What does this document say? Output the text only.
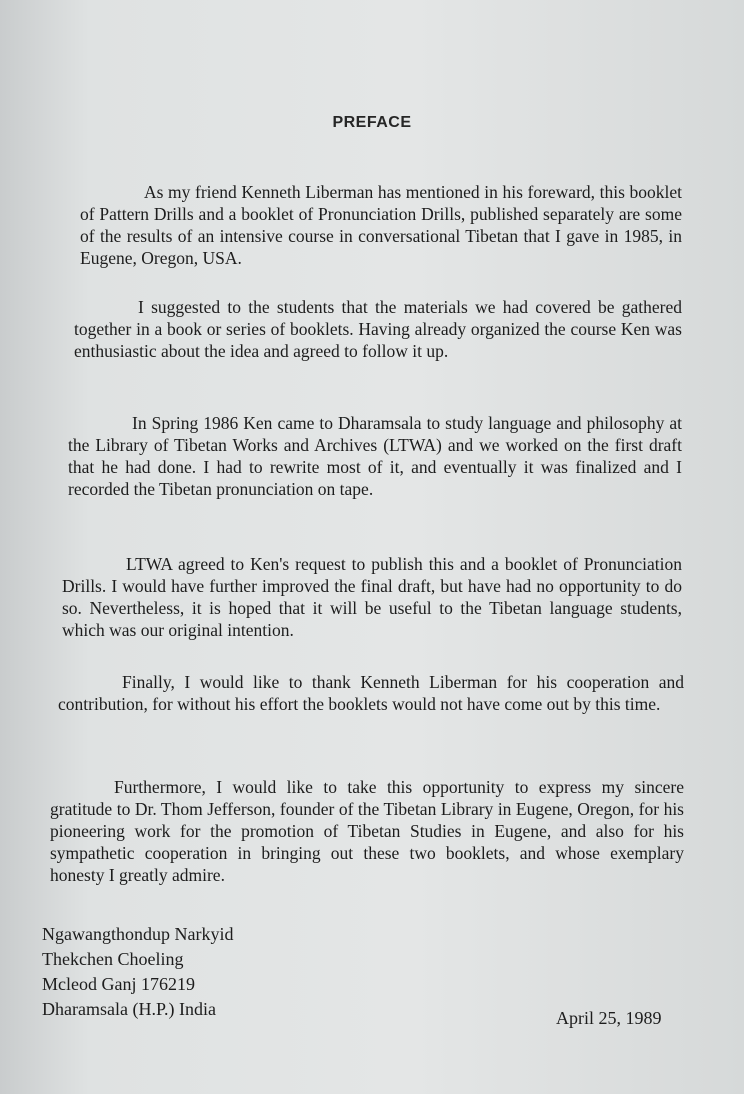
PREFACE

As my friend Kenneth Liberman has mentioned in his foreward, this booklet of Pattern Drills and a booklet of Pronunciation Drills, published separately are some of the results of an intensive course in conversational Tibetan that I gave in 1985, in Eugene, Oregon, USA.

I suggested to the students that the materials we had covered be gathered together in a book or series of booklets. Having already organized the course Ken was enthusiastic about the idea and agreed to follow it up.

In Spring 1986 Ken came to Dharamsala to study language and philosophy at the Library of Tibetan Works and Archives (LTWA) and we worked on the first draft that he had done. I had to rewrite most of it, and eventually it was finalized and I recorded the Tibetan pronunciation on tape.

LTWA agreed to Ken's request to publish this and a booklet of Pronunciation Drills. I would have further improved the final draft, but have had no opportunity to do so. Nevertheless, it is hoped that it will be useful to the Tibetan language students, which was our original intention.

Finally, I would like to thank Kenneth Liberman for his cooperation and contribution, for without his effort the booklets would not have come out by this time.

Furthermore, I would like to take this opportunity to express my sincere gratitude to Dr. Thom Jefferson, founder of the Tibetan Library in Eugene, Oregon, for his pioneering work for the promotion of Tibetan Studies in Eugene, and also for his sympathetic cooperation in bringing out these two booklets, and whose exemplary honesty I greatly admire.

Ngawangthondup Narkyid
Thekchen Choeling
Mcleod Ganj 176219
Dharamsala (H.P.) India	April 25, 1989
